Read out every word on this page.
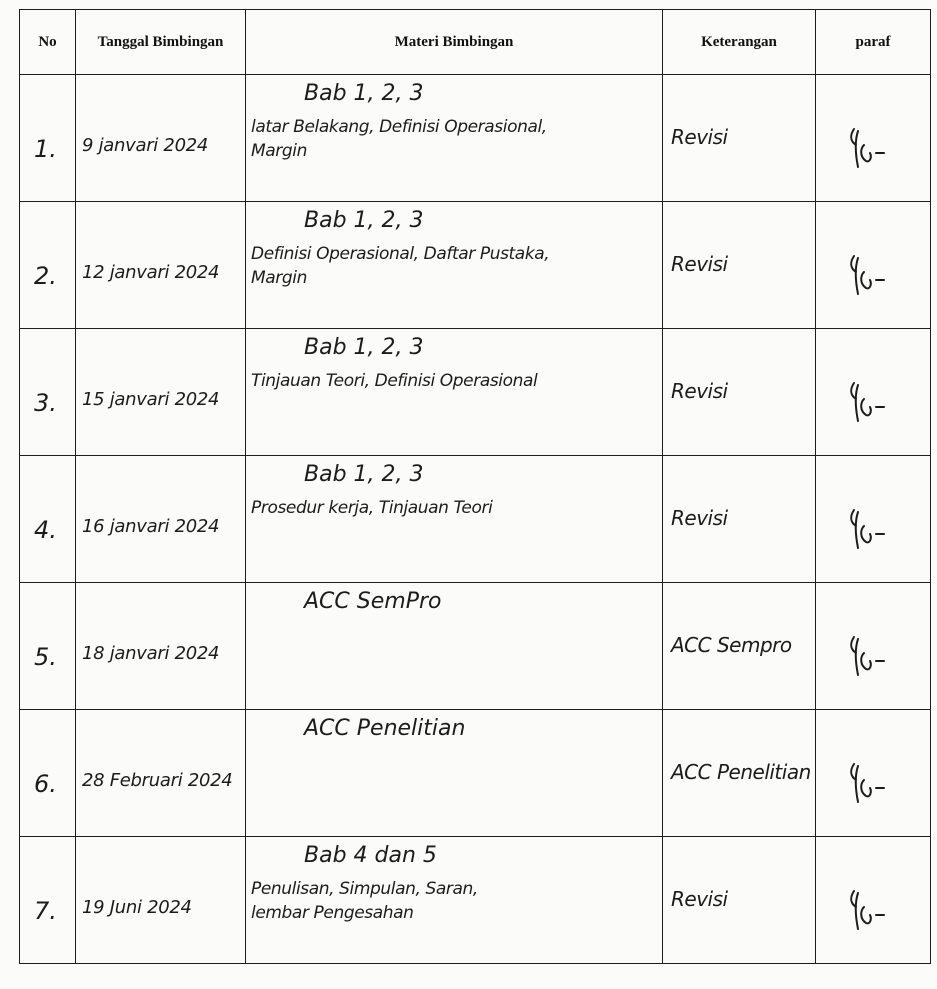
No	Tanggal Bimbingan	Materi Bimbingan	Keterangan	paraf

1.	9 janvari 2024	Bab 1, 2, 3
latar Belakang, Definisi Operasional,
Margin	Revisi

2.	12 janvari 2024	Bab 1, 2, 3
Definisi Operasional, Daftar Pustaka,
Margin	Revisi

3.	15 janvari 2024	Bab 1, 2, 3
Tinjauan Teori, Definisi Operasional	Revisi

4.	16 janvari 2024	Bab 1, 2, 3
Prosedur kerja, Tinjauan Teori	Revisi

5.	18 janvari 2024	ACC SemPro	ACC Sempro

6.	28 Februari 2024	ACC Penelitian	ACC Penelitian

7.	19 Juni 2024	Bab 4 dan 5
Penulisan, Simpulan, Saran,
lembar Pengesahan	Revisi
